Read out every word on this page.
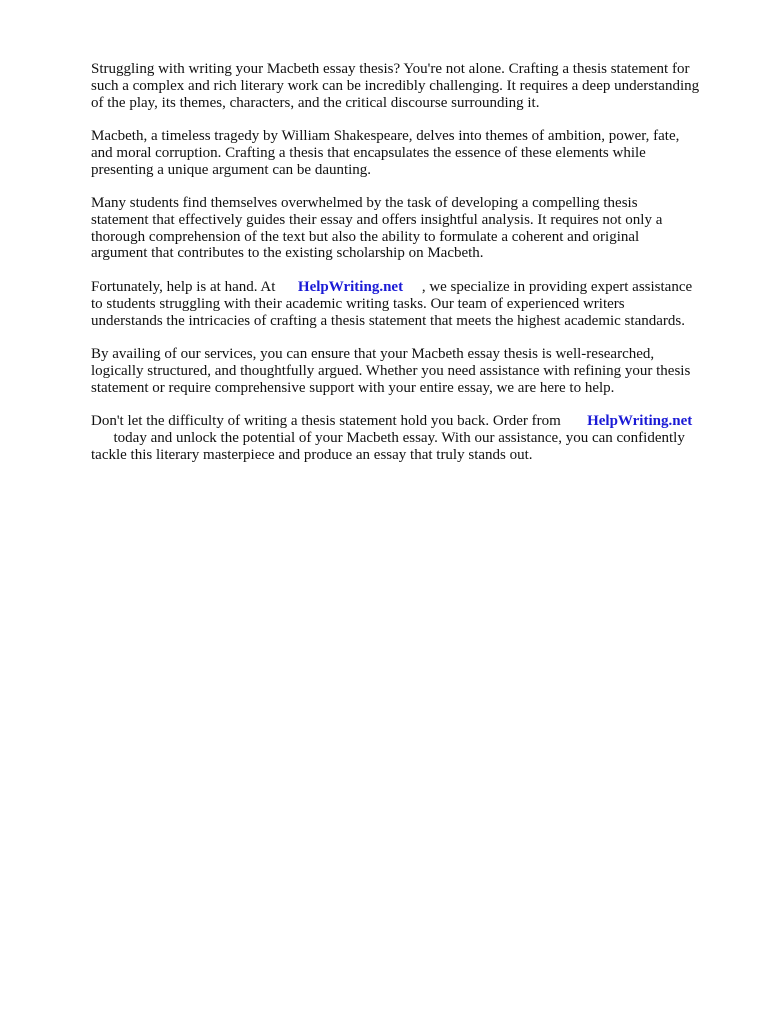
Struggling with writing your Macbeth essay thesis? You're not alone. Crafting a thesis statement for
such a complex and rich literary work can be incredibly challenging. It requires a deep understanding
of the play, its themes, characters, and the critical discourse surrounding it.

Macbeth, a timeless tragedy by William Shakespeare, delves into themes of ambition, power, fate,
and moral corruption. Crafting a thesis that encapsulates the essence of these elements while
presenting a unique argument can be daunting.

Many students find themselves overwhelmed by the task of developing a compelling thesis
statement that effectively guides their essay and offers insightful analysis. It requires not only a
thorough comprehension of the text but also the ability to formulate a coherent and original
argument that contributes to the existing scholarship on Macbeth.

Fortunately, help is at hand. At      HelpWriting.net     , we specialize in providing expert assistance
to students struggling with their academic writing tasks. Our team of experienced writers
understands the intricacies of crafting a thesis statement that meets the highest academic standards.

By availing of our services, you can ensure that your Macbeth essay thesis is well-researched,
logically structured, and thoughtfully argued. Whether you need assistance with refining your thesis
statement or require comprehensive support with your entire essay, we are here to help.

Don't let the difficulty of writing a thesis statement hold you back. Order from       HelpWriting.net
today and unlock the potential of your Macbeth essay. With our assistance, you can confidently
tackle this literary masterpiece and produce an essay that truly stands out.
